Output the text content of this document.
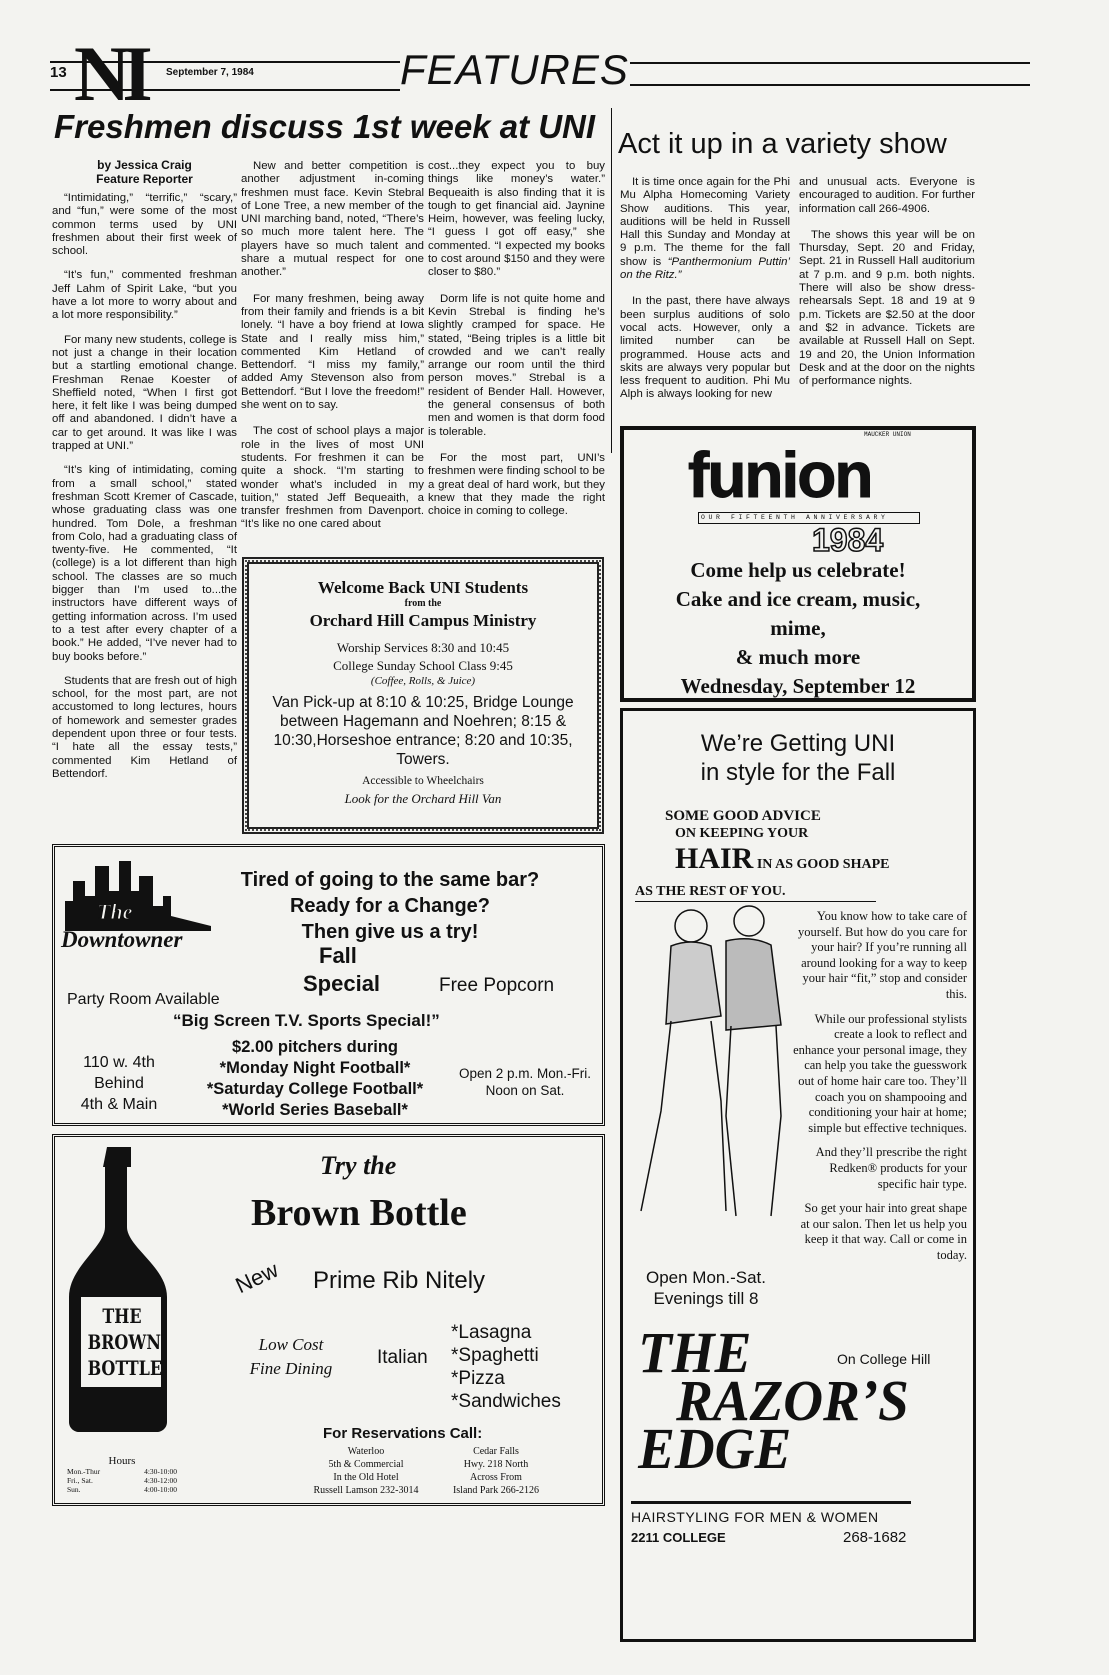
13 NI	September 7, 1984	FEATURES
Freshmen discuss 1st week at UNI
by Jessica Craig
Feature Reporter

“Intimidating,” “terrific,” “scary,” and “fun,” were some of the most common terms used by UNI freshmen about their first week of school.

“It’s fun,” commented freshman Jeff Lahm of Spirit Lake, “but you have a lot more to worry about and a lot more responsibility.”

For many new students, college is not just a change in their location but a startling emotional change. Freshman Renae Koester of Sheffield noted, “When I first got here, it felt like I was being dumped off and abandoned. I didn’t have a car to get around. It was like I was trapped at UNI.”

“It’s king of intimidating, coming from a small school,” stated freshman Scott Kremer of Cascade, whose graduating class was one hundred. Tom Dole, a freshman from Colo, had a graduating class of twenty-five. He commented, “It (college) is a lot different than high school. The classes are so much bigger than I’m used to...the instructors have different ways of getting information across. I’m used to a test after every chapter of a book.” He added, “I’ve never had to buy books before.”

Students that are fresh out of high school, for the most part, are not accustomed to long lectures, hours of homework and semester grades dependent upon three or four tests. “I hate all the essay tests,” commented Kim Hetland of Bettendorf.

New and better competition is another adjustment in-coming freshmen must face. Kevin Stebral of Lone Tree, a new member of the UNI marching band, noted, “There’s so much more talent here. The players have so much talent and share a mutual respect for one another.”

For many freshmen, being away from their family and friends is a bit lonely. “I have a boy friend at Iowa State and I really miss him,” commented Kim Hetland of Bettendorf. “I miss my family,” added Amy Stevenson also from Bettendorf. “But I love the freedom!” she went on to say.

The cost of school plays a major role in the lives of most UNI students. For freshmen it can be quite a shock. “I’m starting to wonder what’s included in my tuition,” stated Jeff Bequeaith, a transfer freshmen from Davenport. “It’s like no one cared about

cost...they expect you to buy things like money’s water.” Bequeaith is also finding that it is tough to get financial aid. Jaynine Heim, however, was feeling lucky, “I guess I got off easy,” she commented. “I expected my books to cost around $150 and they were closer to $80.”

Dorm life is not quite home and Kevin Strebal is finding he’s slightly cramped for space. He stated, “Being triples is a little bit crowded and we can’t really arrange our room until the third person moves.” Strebal is a resident of Bender Hall. However, the general consensus of both men and women is that dorm food is tolerable.

For the most part, UNI’s freshmen were finding school to be a great deal of hard work, but they knew that they made the right choice in coming to college.

Act it up in a variety show

It is time once again for the Phi Mu Alpha Homecoming Variety Show auditions. This year, auditions will be held in Russell Hall this Sunday and Monday at 9 p.m. The theme for the fall show is “Panthermonium Puttin’ on the Ritz.”

In the past, there have always been surplus auditions of solo vocal acts. However, only a limited number can be programmed. House acts and skits are always very popular but less frequent to audition. Phi Mu Alph is always looking for new

and unusual acts. Everyone is encouraged to audition. For further information call 266-4906.

The shows this year will be on Thursday, Sept. 20 and Friday, Sept. 21 in Russell Hall auditorium at 7 p.m. and 9 p.m. both nights. There will also be show dress-rehearsals Sept. 18 and 19 at 9 p.m. Tickets are $2.50 at the door and $2 in advance. Tickets are available at Russell Hall on Sept. 19 and 20, the Union Information Desk and at the door on the nights of performance nights.

Welcome Back UNI Students
from the
Orchard Hill Campus Ministry
Worship Services 8:30 and 10:45
College Sunday School Class 9:45
(Coffee, Rolls, & Juice)
Van Pick-up at 8:10 & 10:25, Bridge Lounge between Hagemann and Noehren; 8:15 & 10:30,Horseshoe entrance; 8:20 and 10:35, Towers.
Accessible to Wheelchairs
Look for the Orchard Hill Van
MAUCKER UNION
funion
OUR FIFTEENTH ANNIVERSARY
1984
Come help us celebrate!
Cake and ice cream, music,
mime,
& much more
Wednesday, September 12
The
Downtowner
Tired of going to the same bar?
Ready for a Change?
Then give us a try!
Fall
Special	Free Popcorn
Party Room Available
“Big Screen T.V. Sports Special!”
110 w. 4th
Behind
4th & Main
$2.00 pitchers during
*Monday Night Football*
*Saturday College Football*
*World Series Baseball*
Open 2 p.m. Mon.-Fri.
Noon on Sat.
THE
BROWN
BOTTLE
Try the
Brown Bottle
New Prime Rib Nitely
Low Cost
Fine Dining
Italian
*Lasagna
*Spaghetti
*Pizza
*Sandwiches
For Reservations Call:
Waterloo
5th & Commercial
In the Old Hotel
Russell Lamson 232-3014
Cedar Falls
Hwy. 218 North
Across From
Island Park 266-2126
Hours
Mon.-Thur	4:30-10:00
Fri., Sat.	4:30-12:00
Sun.	4:00-10:00
We’re Getting UNI
in style for the Fall
SOME GOOD ADVICE
ON KEEPING YOUR
HAIR IN AS GOOD SHAPE
AS THE REST OF YOU.

You know how to take care of yourself. But how do you care for your hair? If you’re running all around looking for a way to keep your hair “fit,” stop and consider this.

While our professional stylists create a look to reflect and enhance your personal image, they can help you take the guesswork out of home hair care too. They’ll coach you on shampooing and conditioning your hair at home; simple but effective techniques.

And they’ll prescribe the right Redken® products for your specific hair type.

So get your hair into great shape at our salon. Then let us help you keep it that way. Call or come in today.

Open Mon.-Sat.
Evenings till 8
On College Hill
THE
RAZOR’S
EDGE
HAIRSTYLING FOR MEN & WOMEN
2211 COLLEGE	268-1682
